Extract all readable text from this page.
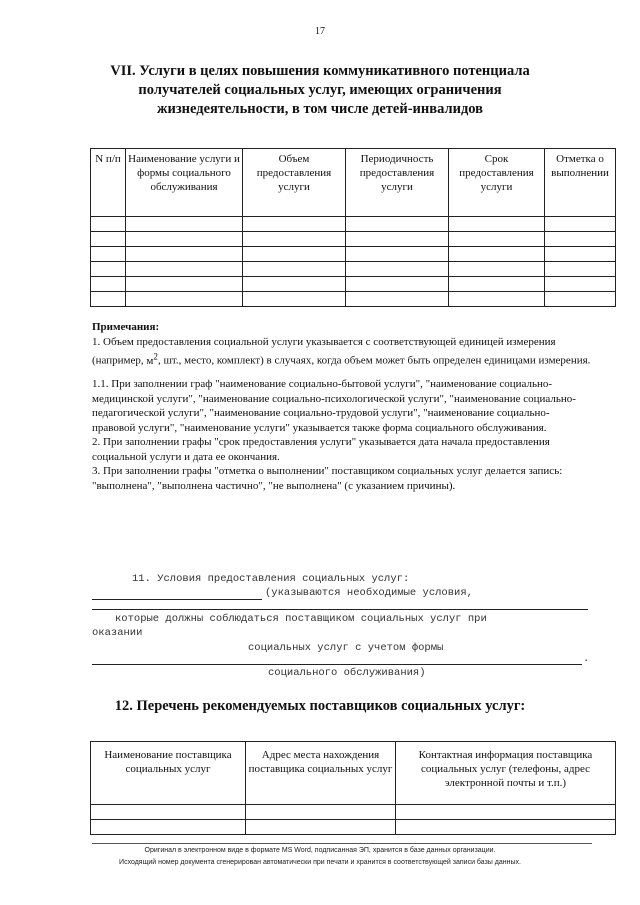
17
VII. Услуги в целях повышения коммуникативного потенциала
получателей социальных услуг, имеющих ограничения
жизнедеятельности, в том числе детей-инвалидов
N п/п	Наименование услуги и формы социального обслуживания	Объем предоставления услуги	Периодичность предоставления услуги	Срок предоставления услуги	Отметка о выполнении

Примечания:

1. Объем предоставления социальной услуги указывается с соответствующей единицей измерения (например, $м^2$, шт., место, комплект) в случаях, когда объем может быть определен единицами измерения.

1.1. При заполнении граф "наименование социально-бытовой услуги", "наименование социально-медицинской услуги", "наименование социально-психологической услуги", "наименование социально-педагогической услуги", "наименование социально-трудовой услуги", "наименование социально-правовой услуги", "наименование услуги" указывается также форма социального обслуживания.

2. При заполнении графы "срок предоставления услуги" указывается дата начала предоставления социальной услуги и дата ее окончания.

3. При заполнении графы "отметка о выполнении" поставщиком социальных услуг делается запись: "выполнена", "выполнена частично", "не выполнена" (с указанием причины).

11. Условия предоставления социальных услуг:
(указываются необходимые условия,
которые должны соблюдаться поставщиком социальных услуг при
оказании
социальных услуг с учетом формы
.
социального обслуживания)
12. Перечень рекомендуемых поставщиков социальных услуг:
Наименование поставщика социальных услуг	Адрес места нахождения поставщика социальных услуг	Контактная информация поставщика социальных услуг (телефоны, адрес электронной почты и т.п.)

Оригинал в электронном виде в формате MS Word, подписанная ЭП, хранится в базе данных организации.
Исходящий номер документа сгенерирован автоматически при печати и хранится в соответствующей записи базы данных.
